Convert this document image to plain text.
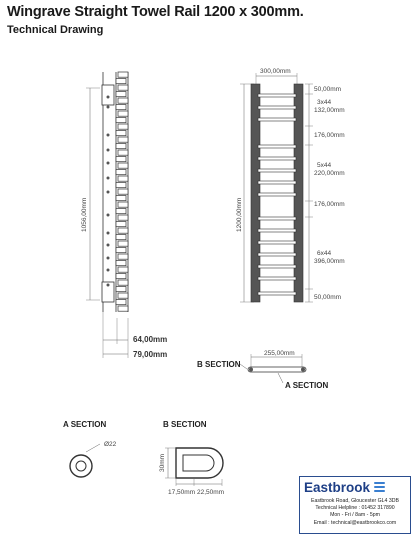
Wingrave Straight Towel Rail 1200 x 300mm.
Technical Drawing
1056,00mm
64,00mm
79,00mm
300,00mm
1200,00mm
50,00mm
3x44
132,00mm
176,00mm
5x44
220,00mm
176,00mm
6x44
396,00mm
50,00mm
B SECTION
255,00mm
A SECTION
A SECTION
Ø22
B SECTION
30mm
17,50mm 22,50mm	Eastbrook
Eastbrook Road, Gloucester GL4 3DB
Technical Helpline : 01452 317890
Mon - Fri / 8am - 5pm
Email : technical@eastbrookco.com
